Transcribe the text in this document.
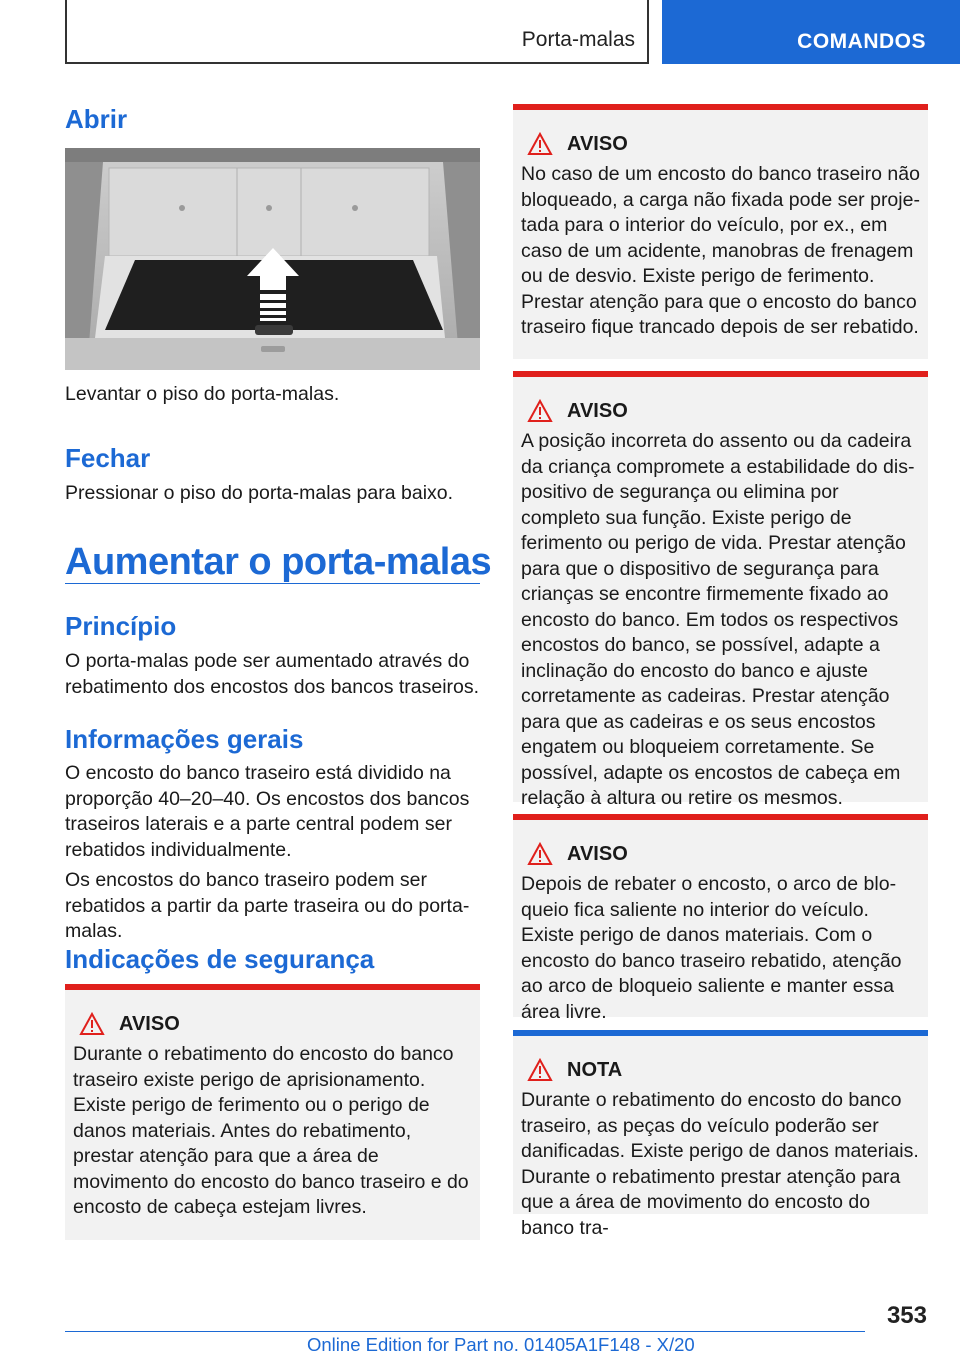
Porta-malas	COMANDOS
Abrir

Levantar o piso do porta-malas.

Fechar

Pressionar o piso do porta-malas para baixo.

Aumentar o porta-malas
Princípio

O porta-malas pode ser aumentado através do rebatimento dos encostos dos bancos traseiros.

Informações gerais

O encosto do banco traseiro está dividido na proporção 40–20–40. Os encostos dos bancos traseiros laterais e a parte central podem ser rebatidos individualmente.

Os encostos do banco traseiro podem ser rebatidos a partir da parte traseira ou do porta-malas.

Indicações de segurança
AVISO

Durante o rebatimento do encosto do banco traseiro existe perigo de aprisionamento. Existe perigo de ferimento ou o perigo de danos materiais. Antes do rebatimento, prestar atenção para que a área de movimento do encosto do banco traseiro e do encosto de cabeça estejam livres.

AVISO

No caso de um encosto do banco traseiro não bloqueado, a carga não fixada pode ser projetada para o interior do veículo, por ex., em caso de um acidente, manobras de frenagem ou de desvio. Existe perigo de ferimento. Prestar atenção para que o encosto do banco traseiro fique trancado depois de ser rebatido.

AVISO

A posição incorreta do assento ou da cadeira da criança compromete a estabilidade do dispositivo de segurança ou elimina por completo sua função. Existe perigo de ferimento ou perigo de vida. Prestar atenção para que o dispositivo de segurança para crianças se encontre firmemente fixado ao encosto do banco. Em todos os respectivos encostos do banco, se possível, adapte a inclinação do encosto do banco e ajuste corretamente as cadeiras. Prestar atenção para que as cadeiras e os seus encostos engatem ou bloqueiem corretamente. Se possível, adapte os encostos de cabeça em relação à altura ou retire os mesmos.

AVISO

Depois de rebater o encosto, o arco de bloqueio fica saliente no interior do veículo. Existe perigo de danos materiais. Com o encosto do banco traseiro rebatido, atenção ao arco de bloqueio saliente e manter essa área livre.

NOTA

Durante o rebatimento do encosto do banco traseiro, as peças do veículo poderão ser danificadas. Existe perigo de danos materiais. Durante o rebatimento prestar atenção para que a área de movimento do encosto do banco tra-

353
Online Edition for Part no. 01405A1F148 - X/20
